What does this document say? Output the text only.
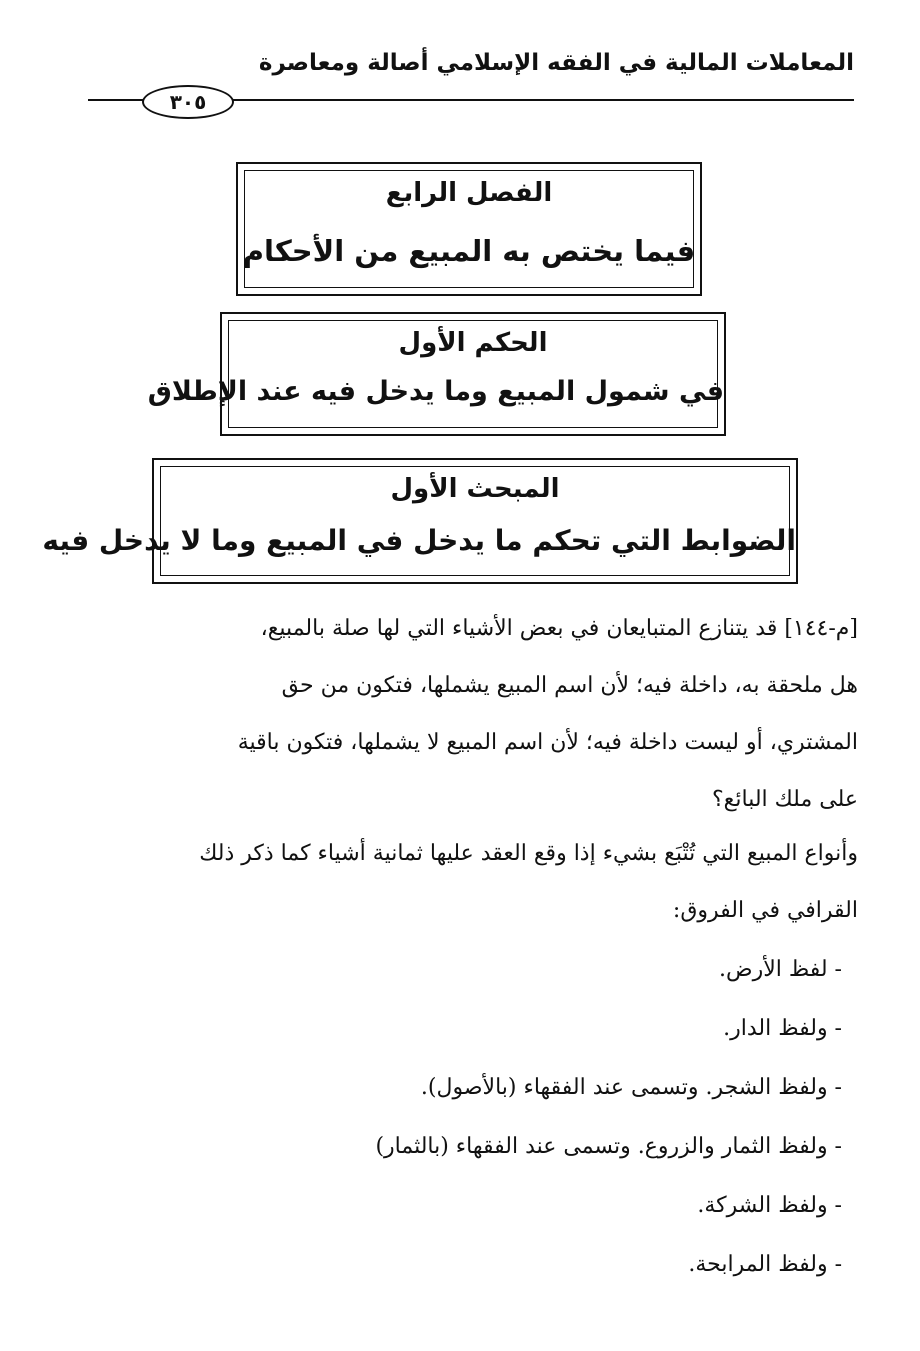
المعاملات المالية في الفقه الإسلامي أصالة ومعاصرة
٣٠٥
الفصل الرابع
فيما يختص به المبيع من الأحكام
الحكم الأول
في شمول المبيع وما يدخل فيه عند الإطلاق
المبحث الأول
الضوابط التي تحكم ما يدخل في المبيع وما لا يدخل فيه
[م-١٤٤] قد يتنازع المتبايعان في بعض الأشياء التي لها صلة بالمبيع،
هل ملحقة به، داخلة فيه؛ لأن اسم المبيع يشملها، فتكون من حق
المشتري، أو ليست داخلة فيه؛ لأن اسم المبيع لا يشملها، فتكون باقية
على ملك البائع؟
وأنواع المبيع التي تُتْبَع بشيء إذا وقع العقد عليها ثمانية أشياء كما ذكر ذلك
القرافي في الفروق:
- لفظ الأرض.
- ولفظ الدار.
- ولفظ الشجر. وتسمى عند الفقهاء (بالأصول).
- ولفظ الثمار والزروع. وتسمى عند الفقهاء (بالثمار)
- ولفظ الشركة.
- ولفظ المرابحة.
